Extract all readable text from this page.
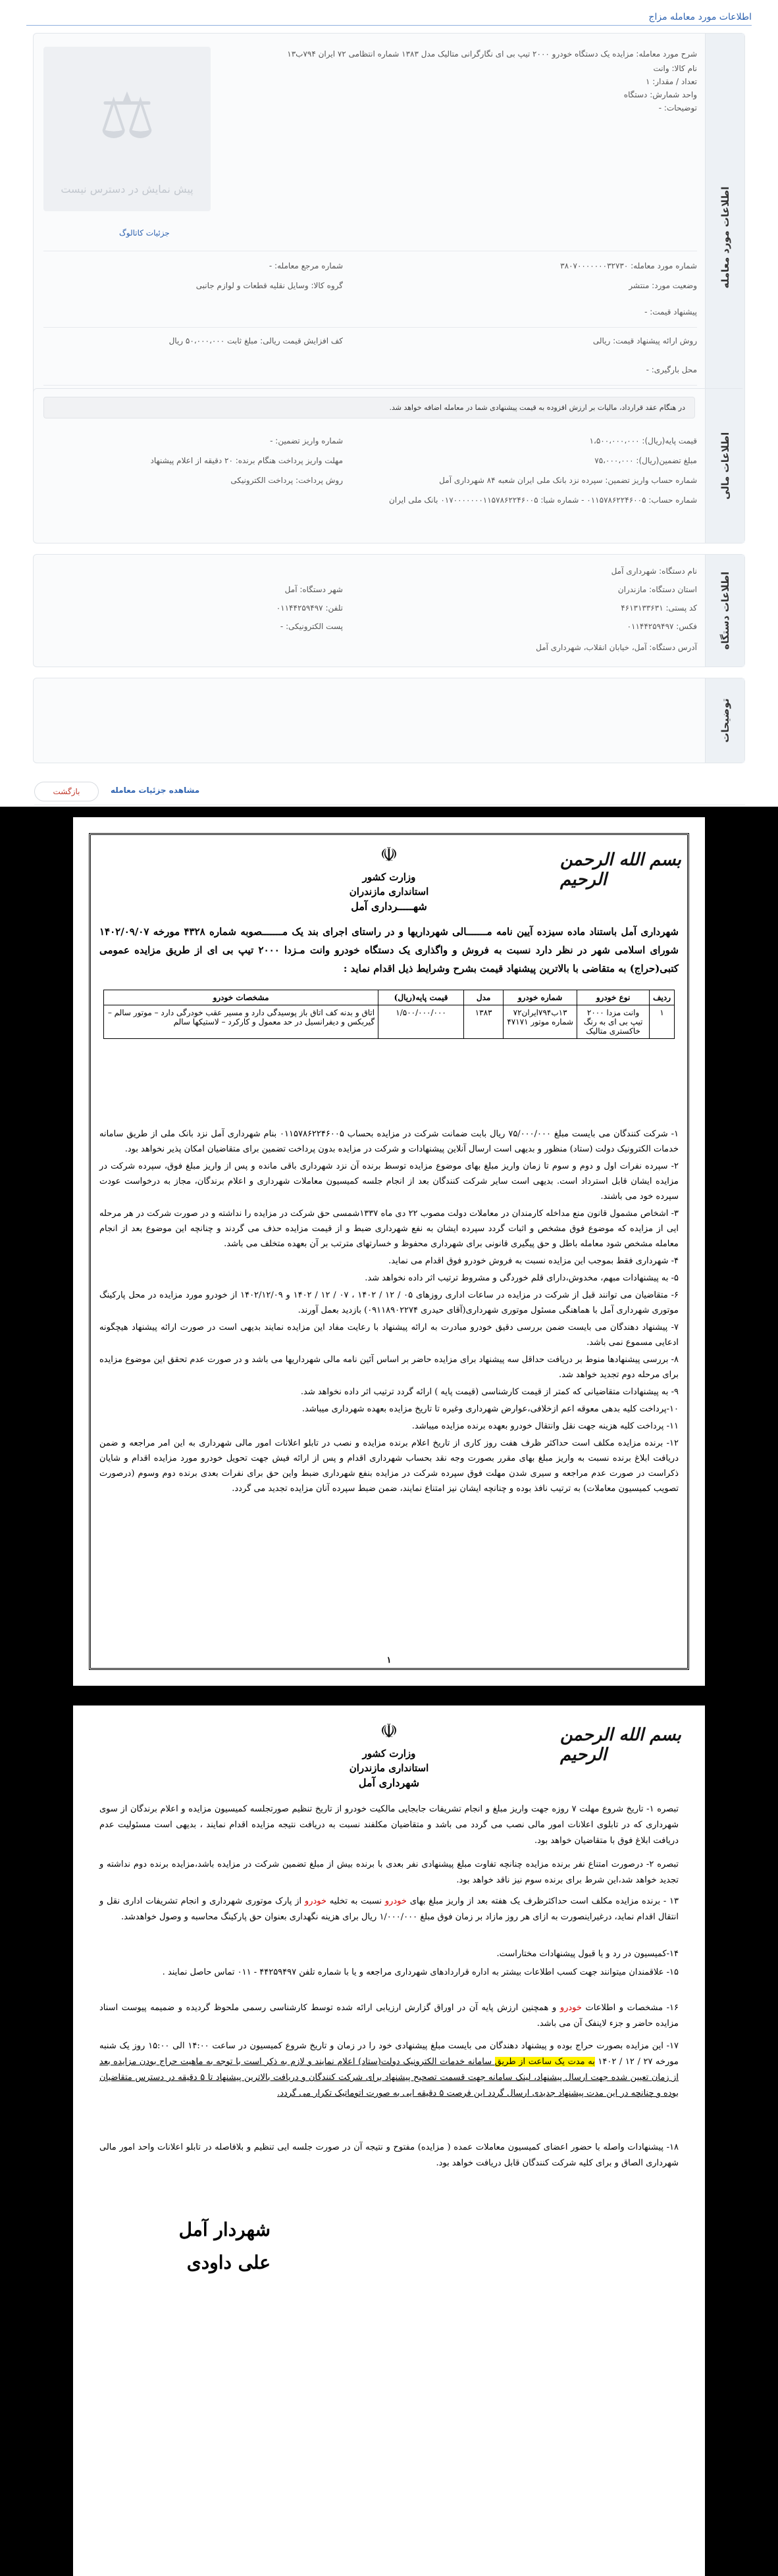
اطلاعات مورد معامله مزاج
اطلاعات مورد معامله
شرح مورد معامله: مزایده یک دستگاه خودرو ۲۰۰۰ تیپ بی ای نگارگرانی متالیک مدل ۱۳۸۳ شماره انتظامی ۷۲ ایران ۷۹۴ب۱۳
نام کالا: وانت
تعداد / مقدار: ۱
واحد شمارش: دستگاه
توضیحات: -
⚖
پیش نمایش در دسترس نیست
جزئیات کاتالوگ
شماره مورد معامله: ۳۸۰۷۰۰۰۰۰۰۰۳۲۷۳۰
شماره مرجع معامله: -
وضعیت مورد: منتشر
گروه کالا: وسایل نقلیه قطعات و لوازم جانبی
پیشنهاد قیمت: -
روش ارائه پیشنهاد قیمت: ریالی
کف افزایش قیمت ریالی: مبلغ ثابت ۵۰،۰۰۰،۰۰۰ ریال
محل بارگیری: -
اطلاعات مالی
در هنگام عقد قرارداد، مالیات بر ارزش افزوده به قیمت پیشنهادی شما در معامله اضافه خواهد شد.
قیمت پایه(ریال): ۱،۵۰۰،۰۰۰،۰۰۰
شماره واریز تضمین: -
مبلغ تضمین(ریال): ۷۵،۰۰۰،۰۰۰
مهلت واریز پرداخت هنگام برنده: ۲۰ دقیقه از اعلام پیشنهاد
شماره حساب واریز تضمین: سپرده نزد بانک ملی ایران شعبه ۸۴ شهرداری آمل
روش پرداخت: پرداخت الکترونیکی
شماره حساب: ۰۱۱۵۷۸۶۲۲۴۶۰۰۵ - شماره شبا: ۰۱۷۰۰۰۰۰۰۰۱۱۵۷۸۶۲۲۴۶۰۰۵ بانک ملی ایران
اطلاعات دستگاه
نام دستگاه: شهرداری آمل
استان دستگاه: مازندران
شهر دستگاه: آمل
کد پستی: ۴۶۱۳۱۳۳۶۳۱
تلفن: ۰۱۱۴۴۲۵۹۴۹۷
فکس: ۰۱۱۴۴۲۵۹۴۹۷
پست الکترونیکی: -
آدرس دستگاه: آمل، خیابان انقلاب، شهرداری آمل
توضیحات
بازگشت	مشاهده جزئیات معامله
بسم الله الرحمن الرحیم
☫
وزارت کشور
استانداری مازندران
شهـــــرداری آمل
شهرداری آمل باستناد ماده سیزده آیین نامه مـــــــالی شهرداریها و در راستای اجرای بند یک مـــــــصوبه شماره ۴۳۲۸ مورخه ۱۴۰۲/۰۹/۰۷ شورای اسلامی شهر در نظر دارد نسبت به فروش و واگذاری یک دستگاه خودرو وانت مـزدا ۲۰۰۰ تیپ بی ای از طریق مزایده عمومی کتبی(حراج) به متقاضی با بالاترین پیشنهاد قیمت بشرح وشرایط ذیل اقدام نماید :
ردیف	نوع خودرو	شماره خودرو	مدل	قیمت پایه(ریال)	مشخصات خودرو
۱	وانت مزدا ۲۰۰۰ تیپ بی ای به رنگ خاکستری متالیک	۱۳ب۷۹۴ایران۷۲ شماره موتور ۴۷۱۷۱	۱۳۸۳	۱/۵۰۰/۰۰۰/۰۰۰	اتاق و بدنه کف اتاق باز پوسیدگی دارد و مسیر عقب خودرگی دارد – موتور سالم – گیربکس و دیفرانسیل در حد معمول و کارکرد – لاستیکها سالم
۱- شرکت کنندگان می بایست مبلغ ۷۵/۰۰۰/۰۰۰ ریال بابت ضمانت شرکت در مزایده بحساب ۰۱۱۵۷۸۶۲۲۴۶۰۰۵ بنام شهرداری آمل نزد بانک ملی از طریق سامانه خدمات الکترونیک دولت (ستاد) منظور و بدیهی است ارسال آنلاین پیشنهادات و شرکت در مزایده بدون پرداخت تضمین برای متقاضیان امکان پذیر نخواهد بود.
۲- سپرده نفرات اول و دوم و سوم تا زمان واریز مبلغ بهای موضوع مزایده توسط برنده آن نزد شهرداری باقی مانده و پس از واریز مبلغ فوق، سپرده شرکت در مزایده ایشان قابل استرداد است. بدیهی است سایر شرکت کنندگان بعد از انجام جلسه کمیسیون معاملات شهرداری و اعلام برندگان، مجاز به درخواست عودت سپرده خود می باشند.
۳- اشخاص مشمول قانون منع مداخله کارمندان در معاملات دولت مصوب ۲۲ دی ماه ۱۳۳۷شمسی حق شرکت در مزایده را نداشته و در صورت شرکت در هر مرحله ایی از مزایده که موضوع فوق مشخص و اثبات گردد سپرده ایشان به نفع شهرداری ضبط و از قیمت مزایده حذف می گردند و چنانچه این موضوع بعد از انجام معامله مشخص شود معامله باطل و حق پیگیری قانونی برای شهرداری محفوظ و خسارتهای مترتب بر آن بعهده متخلف می باشد.
۴- شهرداری فقط بموجب این مزایده نسبت به فروش خودرو فوق اقدام می نماید.
۵- به پیشنهادات مبهم، مخدوش،دارای قلم خوردگی و مشروط ترتیب اثر داده نخواهد شد.
۶- متقاضیان می توانند قبل از شرکت در مزایده در ساعات اداری روزهای ۰۵ / ۱۲ / ۱۴۰۲ ، ۰۷ / ۱۲ / ۱۴۰۲ و ۱۴۰۲/۱۲/۰۹ از خودرو مورد مزایده در محل پارکینگ موتوری شهرداری آمل با هماهنگی مسئول موتوری شهرداری(آقای حیدری ۰۹۱۱۸۹۰۲۲۷۴) بازدید بعمل آورند.
۷- پیشنهاد دهندگان می بایست ضمن بررسی دقیق خودرو مبادرت به ارائه پیشنهاد با رعایت مفاد این مزایده نمایند بدیهی است در صورت ارائه پیشنهاد هیچگونه ادعایی مسموع نمی باشد.
۸- بررسی پیشنهادها منوط بر دریافت حداقل سه پیشنهاد برای مزایده حاضر بر اساس آئین نامه مالی شهرداریها می باشد و در صورت عدم تحقق این موضوع مزایده برای مرحله دوم تجدید خواهد شد.
۹- به پیشنهادات متقاضیانی که کمتر از قیمت کارشناسی (قیمت پایه ) ارائه گردد ترتیب اثر داده نخواهد شد.
۱۰-پرداخت کلیه بدهی معوقه اعم ازخلافی،عوارض شهرداری وغیره تا تاریخ مزایده بعهده شهرداری میباشد.
۱۱- پرداخت کلیه هزینه جهت نقل وانتقال خودرو بعهده برنده مزایده میباشد.
۱۲- برنده مزایده مکلف است حداکثر ظرف هفت روز کاری از تاریخ اعلام برنده مزایده و نصب در تابلو اعلانات امور مالی شهرداری به این امر مراجعه و ضمن دریافت ابلاغ برنده نسبت به واریز مبلغ بهای مقرر بصورت وجه نقد بحساب شهرداری اقدام و پس از ارائه فیش جهت تحویل خودرو مورد مزایده اقدام و شایان ذکراست در صورت عدم مراجعه و سیری شدن مهلت فوق سپرده شرکت در مزایده بنفع شهرداری ضبط واین حق برای نفرات بعدی برنده دوم وسوم (درصورت تصویب کمیسیون معاملات) به ترتیب نافذ بوده و چنانچه ایشان نیز امتناع نمایند، ضمن ضبط سپرده آنان مزایده تجدید می گردد.
۱
بسم الله الرحمن الرحیم
☫
وزارت کشور
استانداری مازندران
شهرداری آمل
تبصره ۱- تاریخ شروع مهلت ۷ روزه جهت واریز مبلغ و انجام تشریفات جابجایی مالکیت خودرو از تاریخ تنظیم صورتجلسه کمیسیون مزایده و اعلام برندگان از سوی شهرداری که در تابلوی اعلانات امور مالی نصب می گردد می باشد و متقاضیان مکلفند نسبت به دریافت نتیجه مزایده اقدام نمایند ، بدیهی است مسئولیت عدم دریافت ابلاغ فوق با متقاضیان خواهد بود.
تبصره ۲- درصورت امتناع نفر برنده مزایده چنانچه تفاوت مبلغ پیشنهادی نفر بعدی با برنده بیش از مبلغ تضمین شرکت در مزایده باشد،مزایده برنده دوم نداشته و تجدید خواهد شد،این شرط برای برنده سوم نیز ناقد خواهد بود.
۱۳ - برنده مزایده مکلف است حداکثرظرف یک هفته بعد از واریز مبلغ بهای خودرو نسبت به تخلیه خودرو از پارک موتوری شهرداری و انجام تشریفات اداری نقل و انتقال اقدام نماید، درغیراینصورت به ازای هر روز مازاد بر زمان فوق مبلغ ۱/۰۰۰/۰۰۰ ریال برای هزینه نگهداری بعنوان حق پارکینگ محاسبه و وصول خواهدشد.
۱۴-کمیسیون در رد و یا قبول پیشنهادات مختاراست.
۱۵- علاقمندان میتوانند جهت کسب اطلاعات بیشتر به اداره قراردادهای شهرداری مراجعه و یا با شماره تلفن ۴۴۲۵۹۴۹۷ - ۰۱۱ تماس حاصل نمایند .
۱۶- مشخصات و اطلاعات خودرو و همچنین ارزش پایه آن در اوراق گزارش ارزیابی ارائه شده توسط کارشناسی رسمی ملحوظ گردیده و ضمیمه پیوست اسناد مزایده حاضر و جزء لاینفک آن می باشد.
۱۷- این مزایده بصورت حراج بوده و پیشنهاد دهندگان می بایست مبلغ پیشنهادی خود را در زمان و تاریخ شروع کمیسیون در ساعت ۱۴:۰۰ الی ۱۵:۰۰ روز یک شنبه مورخه ۲۷ / ۱۲ / ۱۴۰۲ به مدت یک ساعت از طریق سامانه خدمات الکترونیک دولت(ستاد) اعلام نمایند و لازم به ذکر است با توجه به ماهیت حراج بودن مزایده بعد از زمان تعیین شده جهت ارسال پیشنهاد، لینک سامانه جهت قسمت تصحیح پیشنهاد برای شرکت کنندگان و دریافت بالاترین پیشنهاد تا ۵ دقیقه در دسترس متقاضیان بوده و چنانچه در این مدت پیشنهاد جدیدی ارسال گردد این فرصت ۵ دقیقه ایی به صورت اتوماتیک تکرار می گردد.
۱۸- پیشنهادات واصله با حضور اعضای کمیسیون معاملات عمده ( مزایده) مفتوح و نتیجه آن در صورت جلسه ایی تنظیم و بلافاصله در تابلو اعلانات واحد امور مالی شهرداری الصاق و برای کلیه شرکت کنندگان قابل دریافت خواهد بود.
شهردار آمل
علی داودی
